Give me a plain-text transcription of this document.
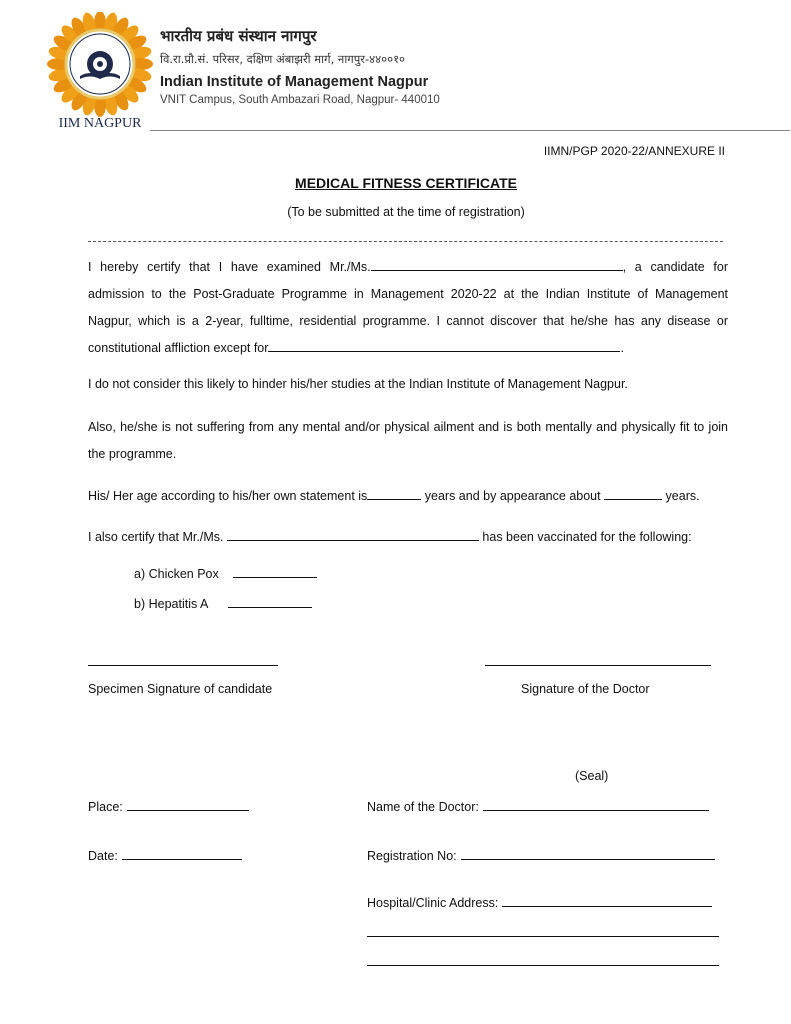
IIM NAGPUR
भारतीय प्रबंध संस्थान नागपुर
वि.रा.प्रौ.सं. परिसर, दक्षिण अंबाझरी मार्ग, नागपुर-४४००१०
Indian Institute of Management Nagpur
VNIT Campus, South Ambazari Road, Nagpur- 440010
IIMN/PGP 2020-22/ANNEXURE II
MEDICAL FITNESS CERTIFICATE
(To be submitted at the time of registration)
I hereby certify that I have examined Mr./Ms.	, a candidate for admission to the Post-Graduate Programme in Management 2020-22 at the Indian Institute of Management Nagpur, which is a 2-year, fulltime, residential programme. I cannot discover that he/she has any disease or constitutional affliction except for	.
I do not consider this likely to hinder his/her studies at the Indian Institute of Management Nagpur.
Also, he/she is not suffering from any mental and/or physical ailment and is both mentally and physically fit to join the programme.
His/ Her age according to his/her own statement is	years and by appearance about	years.
I also certify that Mr./Ms.	has been vaccinated for the following:
a) Chicken Pox
b) Hepatitis A
Specimen Signature of candidate	Signature of the Doctor
(Seal)
Place:
Date:
Name of the Doctor:
Registration No:
Hospital/Clinic Address:
